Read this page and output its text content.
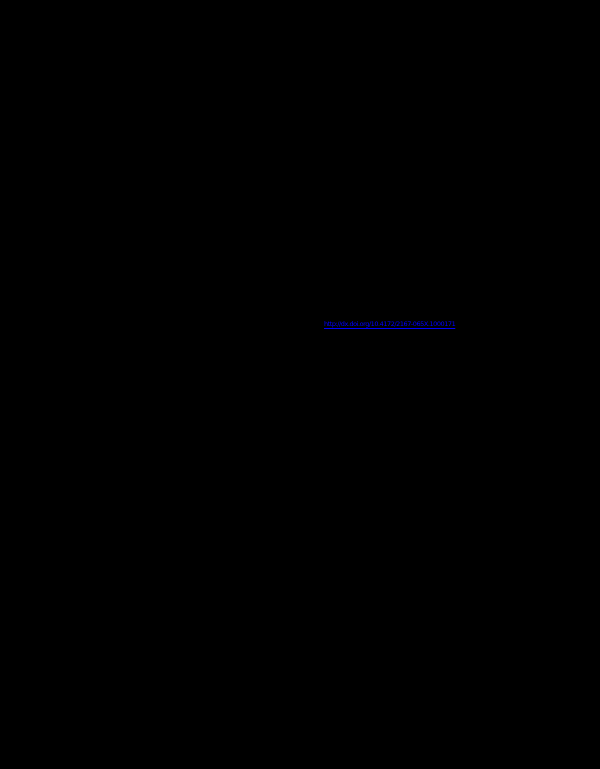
http://dx.doi.org/10.4172/2167-065X.1000171
